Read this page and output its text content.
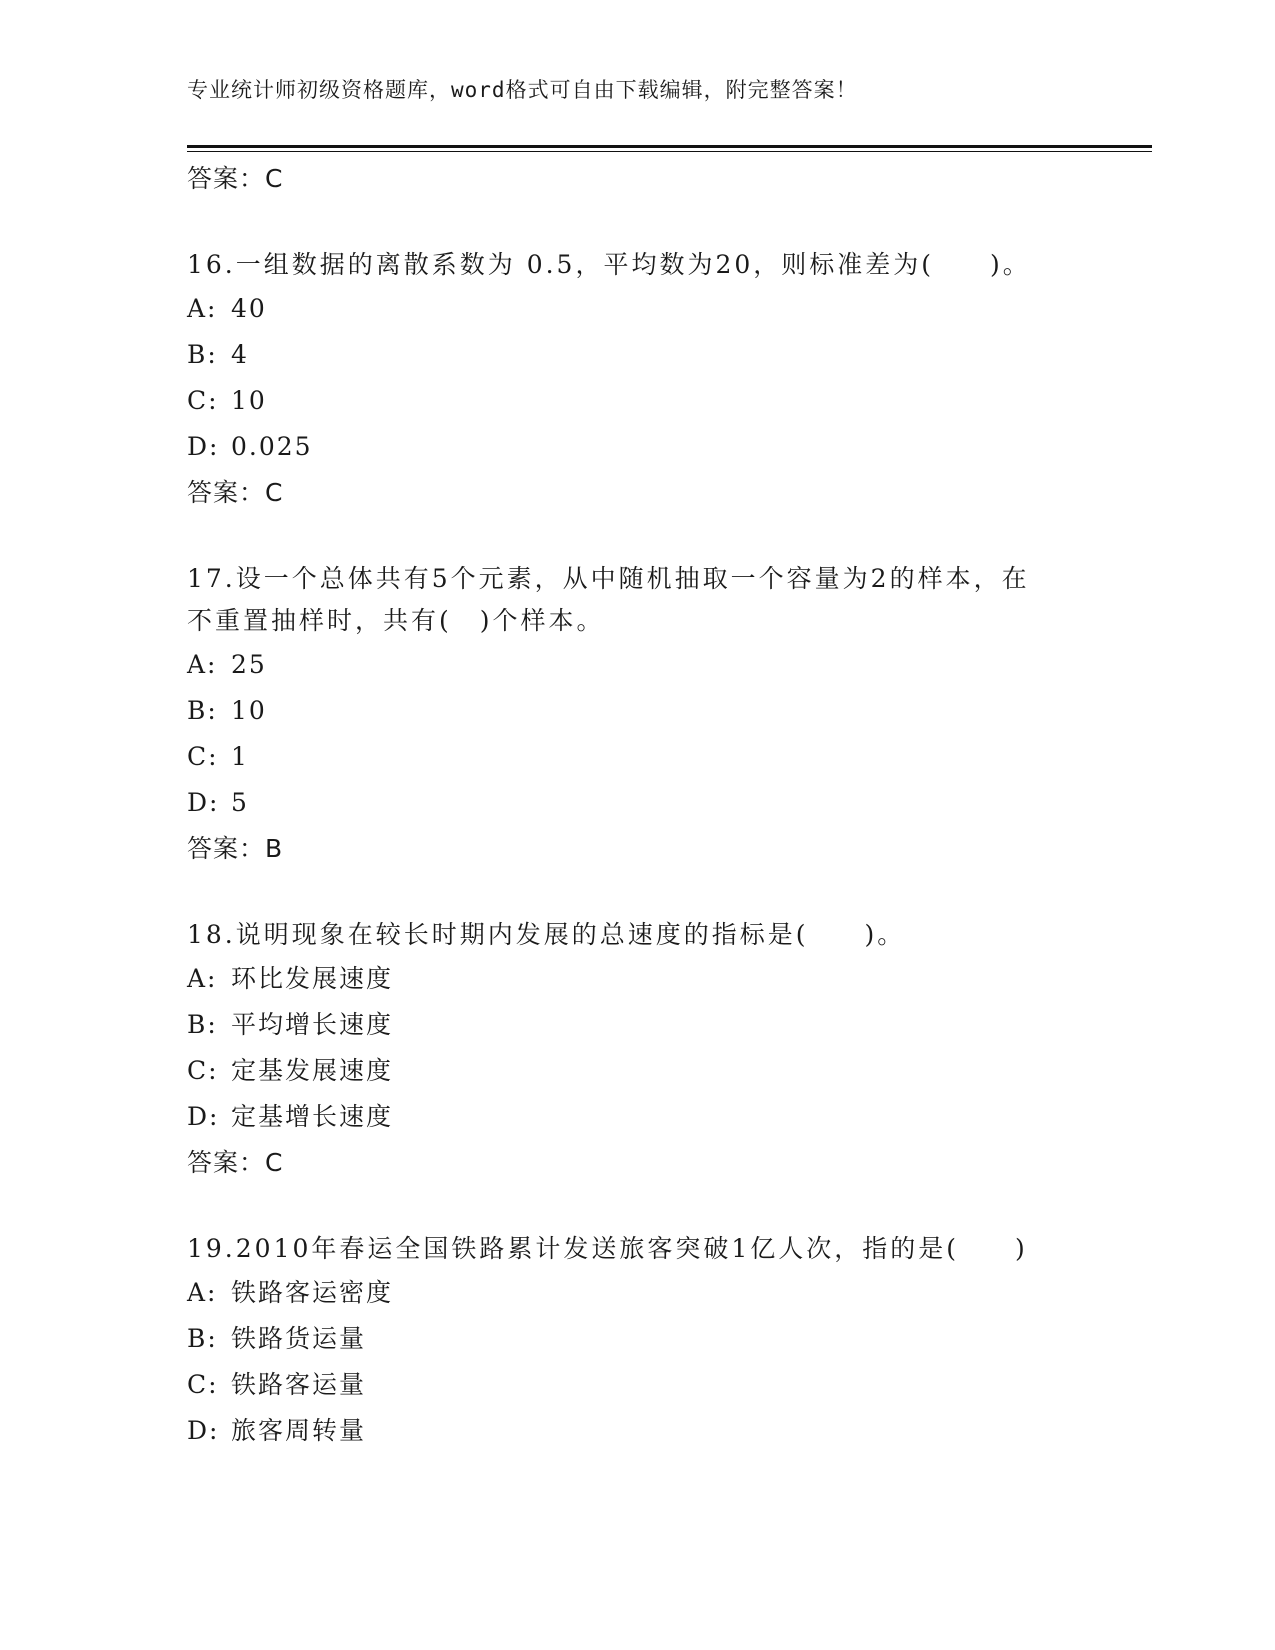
专业统计师初级资格题库，word格式可自由下载编辑，附完整答案！
答案：C
16.一组数据的离散系数为 0.5，平均数为20，则标准差为(　　)。
A: 40
B: 4
C: 10
D: 0.025
答案：C
17.设一个总体共有5个元素，从中随机抽取一个容量为2的样本，在
不重置抽样时，共有(　)个样本。
A: 25
B: 10
C: 1
D: 5
答案：B
18.说明现象在较长时期内发展的总速度的指标是(　　)。
A: 环比发展速度
B: 平均增长速度
C: 定基发展速度
D: 定基增长速度
答案：C
19.2010年春运全国铁路累计发送旅客突破1亿人次，指的是(　　)
A: 铁路客运密度
B: 铁路货运量
C: 铁路客运量
D: 旅客周转量
